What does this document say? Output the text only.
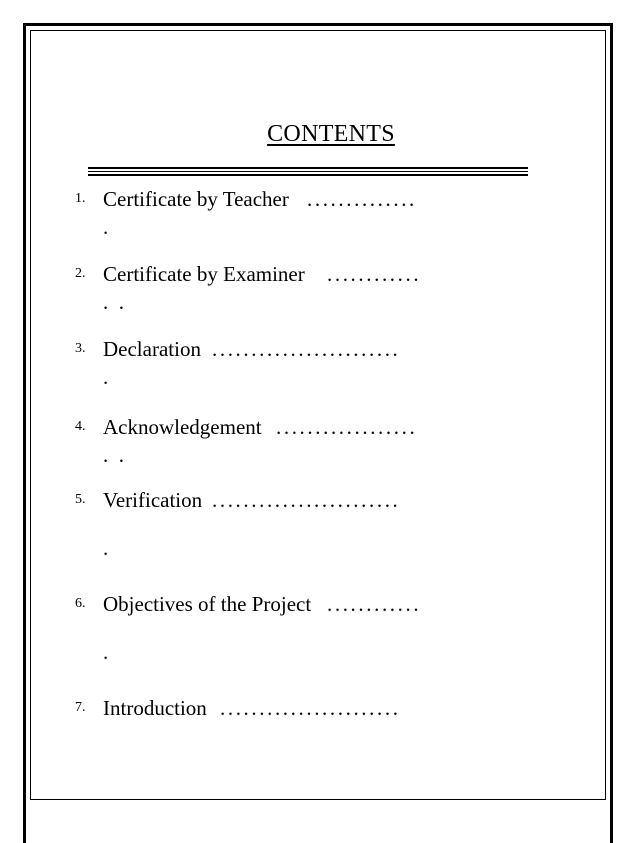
CONTENTS
1. Certificate by Teacher ..............
.
2. Certificate by Examiner ............
. .
3. Declaration ........................
.
4. Acknowledgement ..................
. .
5. Verification ........................
.
6. Objectives of the Project ............
.
7. Introduction .......................
